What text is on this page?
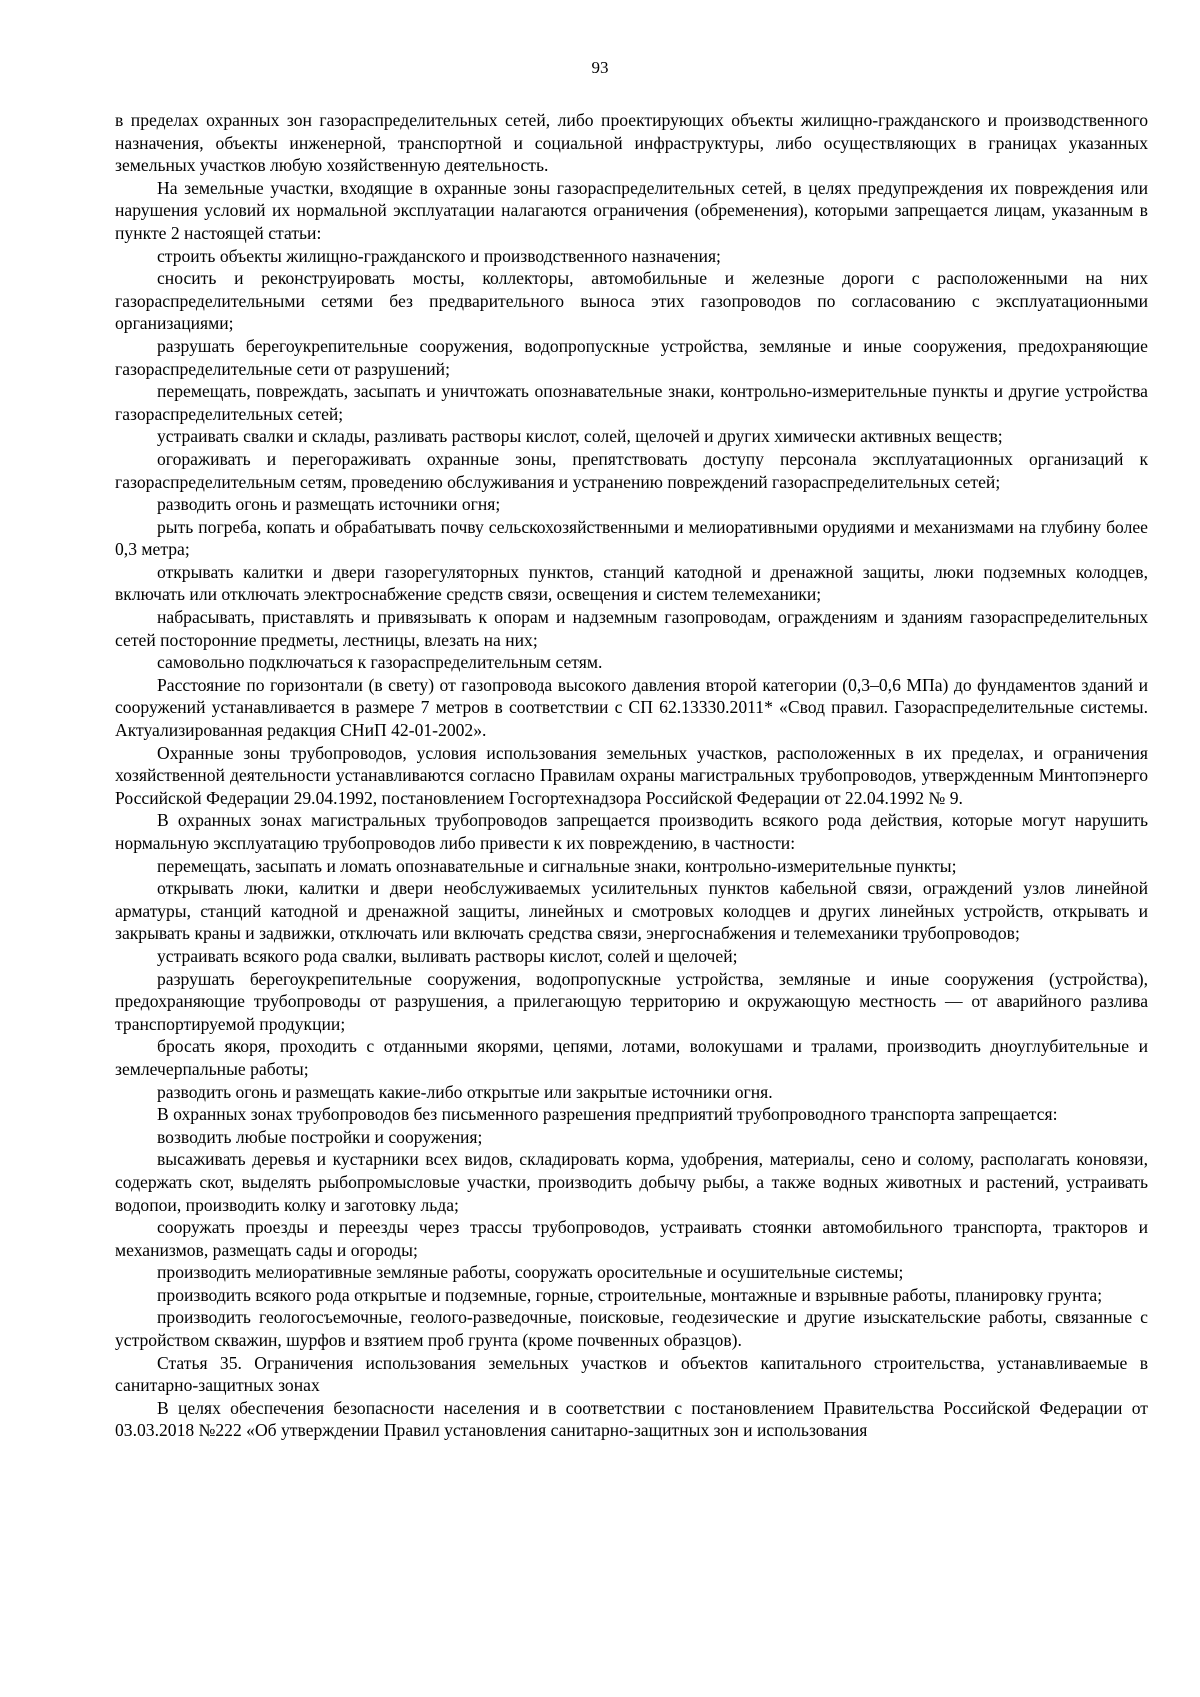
93

в пределах охранных зон газораспределительных сетей, либо проектирующих объекты жилищно-гражданского и производственного назначения, объекты инженерной, транспортной и социальной инфраструктуры, либо осуществляющих в границах указанных земельных участков любую хозяйственную деятельность.

На земельные участки, входящие в охранные зоны газораспределительных сетей, в целях предупреждения их повреждения или нарушения условий их нормальной эксплуатации налагаются ограничения (обременения), которыми запрещается лицам, указанным в пункте 2 настоящей статьи:

строить объекты жилищно-гражданского и производственного назначения;

сносить и реконструировать мосты, коллекторы, автомобильные и железные дороги с расположенными на них газораспределительными сетями без предварительного выноса этих газопроводов по согласованию с эксплуатационными организациями;

разрушать берегоукрепительные сооружения, водопропускные устройства, земляные и иные сооружения, предохраняющие газораспределительные сети от разрушений;

перемещать, повреждать, засыпать и уничтожать опознавательные знаки, контрольно-измерительные пункты и другие устройства газораспределительных сетей;

устраивать свалки и склады, разливать растворы кислот, солей, щелочей и других химически активных веществ;

огораживать и перегораживать охранные зоны, препятствовать доступу персонала эксплуатационных организаций к газораспределительным сетям, проведению обслуживания и устранению повреждений газораспределительных сетей;

разводить огонь и размещать источники огня;

рыть погреба, копать и обрабатывать почву сельскохозяйственными и мелиоративными орудиями и механизмами на глубину более 0,3 метра;

открывать калитки и двери газорегуляторных пунктов, станций катодной и дренажной защиты, люки подземных колодцев, включать или отключать электроснабжение средств связи, освещения и систем телемеханики;

набрасывать, приставлять и привязывать к опорам и надземным газопроводам, ограждениям и зданиям газораспределительных сетей посторонние предметы, лестницы, влезать на них;

самовольно подключаться к газораспределительным сетям.

Расстояние по горизонтали (в свету) от газопровода высокого давления второй категории (0,3–0,6 МПа) до фундаментов зданий и сооружений устанавливается в размере 7 метров в соответствии с СП 62.13330.2011* «Свод правил. Газораспределительные системы. Актуализированная редакция СНиП 42-01-2002».

Охранные зоны трубопроводов, условия использования земельных участков, расположенных в их пределах, и ограничения хозяйственной деятельности устанавливаются согласно Правилам охраны магистральных трубопроводов, утвержденным Минтопэнерго Российской Федерации 29.04.1992, постановлением Госгортехнадзора Российской Федерации от 22.04.1992 № 9.

В охранных зонах магистральных трубопроводов запрещается производить всякого рода действия, которые могут нарушить нормальную эксплуатацию трубопроводов либо привести к их повреждению, в частности:

перемещать, засыпать и ломать опознавательные и сигнальные знаки, контрольно-измерительные пункты;

открывать люки, калитки и двери необслуживаемых усилительных пунктов кабельной связи, ограждений узлов линейной арматуры, станций катодной и дренажной защиты, линейных и смотровых колодцев и других линейных устройств, открывать и закрывать краны и задвижки, отключать или включать средства связи, энергоснабжения и телемеханики трубопроводов;

устраивать всякого рода свалки, выливать растворы кислот, солей и щелочей;

разрушать берегоукрепительные сооружения, водопропускные устройства, земляные и иные сооружения (устройства), предохраняющие трубопроводы от разрушения, а прилегающую территорию и окружающую местность — от аварийного разлива транспортируемой продукции;

бросать якоря, проходить с отданными якорями, цепями, лотами, волокушами и тралами, производить дноуглубительные и землечерпальные работы;

разводить огонь и размещать какие-либо открытые или закрытые источники огня.

В охранных зонах трубопроводов без письменного разрешения предприятий трубопроводного транспорта запрещается:

возводить любые постройки и сооружения;

высаживать деревья и кустарники всех видов, складировать корма, удобрения, материалы, сено и солому, располагать коновязи, содержать скот, выделять рыбопромысловые участки, производить добычу рыбы, а также водных животных и растений, устраивать водопои, производить колку и заготовку льда;

сооружать проезды и переезды через трассы трубопроводов, устраивать стоянки автомобильного транспорта, тракторов и механизмов, размещать сады и огороды;

производить мелиоративные земляные работы, сооружать оросительные и осушительные системы;

производить всякого рода открытые и подземные, горные, строительные, монтажные и взрывные работы, планировку грунта;

производить геологосъемочные, геолого-разведочные, поисковые, геодезические и другие изыскательские работы, связанные с устройством скважин, шурфов и взятием проб грунта (кроме почвенных образцов).

Статья 35. Ограничения использования земельных участков и объектов капитального строительства, устанавливаемые в санитарно-защитных зонах

В целях обеспечения безопасности населения и в соответствии с постановлением Правительства Российской Федерации от 03.03.2018 №222 «Об утверждении Правил установления санитарно-защитных зон и использования
